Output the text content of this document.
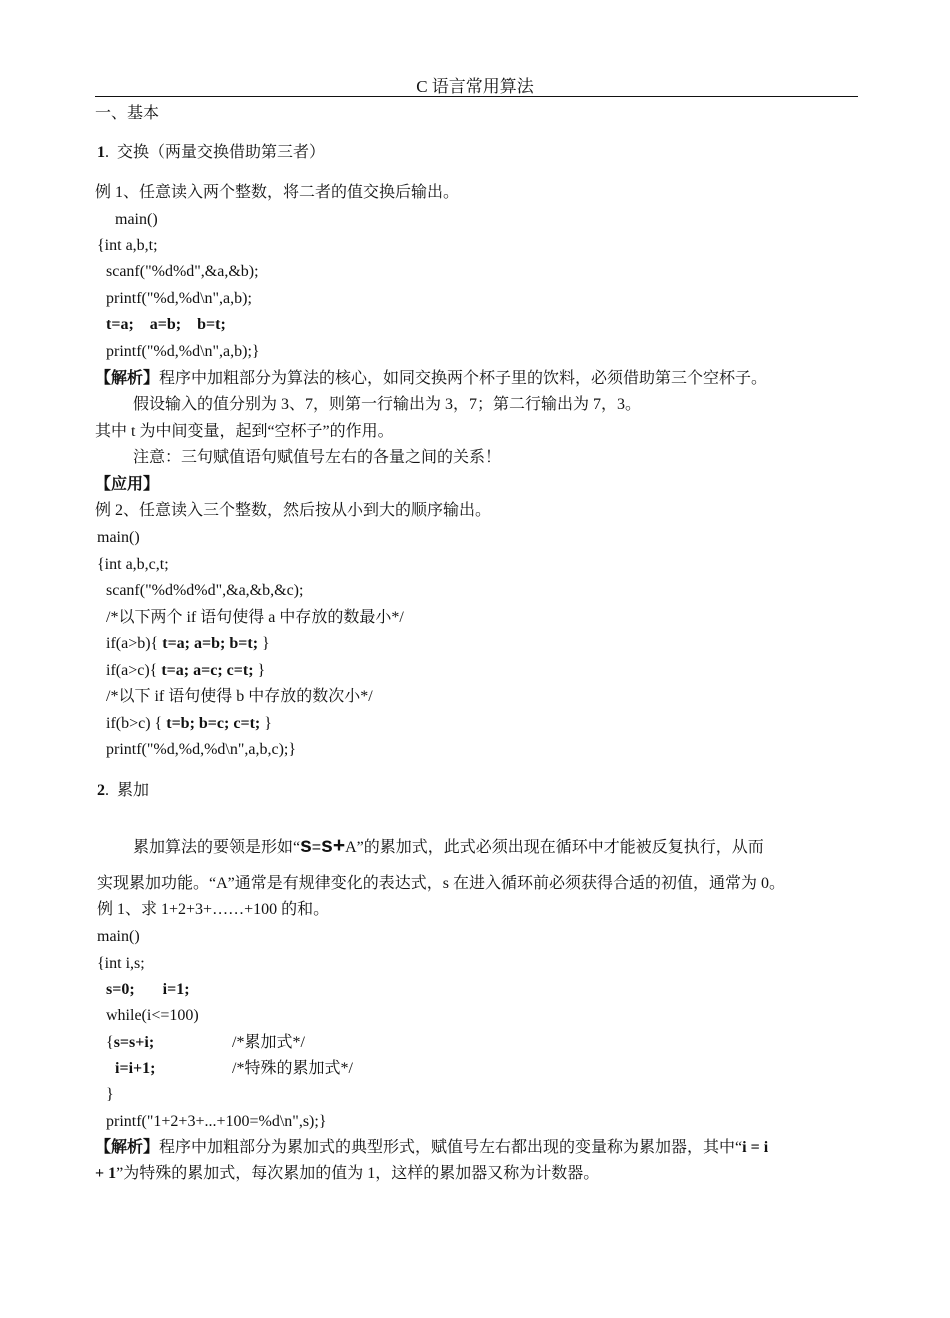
C 语言常用算法
一、基本
1.  交换（两量交换借助第三者）
例 1、任意读入两个整数，将二者的值交换后输出。
main()
{int a,b,t;
scanf("%d%d",&a,&b);
printf("%d,%d\n",a,b);
t=a;    a=b;    b=t;
printf("%d,%d\n",a,b);}
【解析】程序中加粗部分为算法的核心，如同交换两个杯子里的饮料，必须借助第三个空杯子。
假设输入的值分别为 3、7，则第一行输出为 3，7；第二行输出为 7，3。
其中 t 为中间变量，起到“空杯子”的作用。
注意：三句赋值语句赋值号左右的各量之间的关系！
【应用】
例 2、任意读入三个整数，然后按从小到大的顺序输出。
main()
{int a,b,c,t;
scanf("%d%d%d",&a,&b,&c);
/*以下两个 if 语句使得 a 中存放的数最小*/
if(a>b){ t=a; a=b; b=t; }
if(a>c){ t=a; a=c; c=t; }
/*以下 if 语句使得 b 中存放的数次小*/
if(b>c) { t=b; b=c; c=t; }
printf("%d,%d,%d\n",a,b,c);}
2.  累加
累加算法的要领是形如“s=s+A”的累加式，此式必须出现在循环中才能被反复执行，从而
实现累加功能。“A”通常是有规律变化的表达式，s 在进入循环前必须获得合适的初值，通常为 0。
例 1、求 1+2+3+……+100 的和。
main()
{int i,s;
s=0;       i=1;
while(i<=100)
{s=s+i;	/*累加式*/
i=i+1;	/*特殊的累加式*/
}
printf("1+2+3+...+100=%d\n",s);}
【解析】程序中加粗部分为累加式的典型形式，赋值号左右都出现的变量称为累加器，其中“i = i
+ 1”为特殊的累加式，每次累加的值为 1，这样的累加器又称为计数器。
